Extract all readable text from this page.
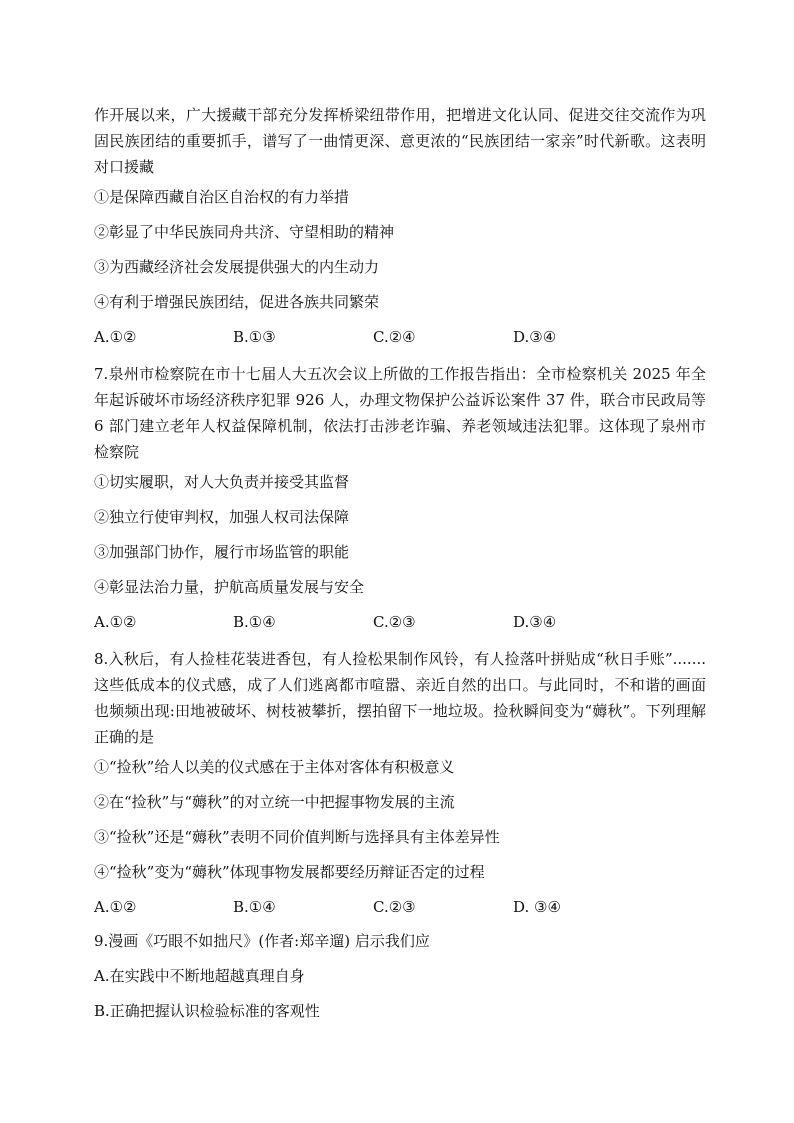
作开展以来，广大援藏干部充分发挥桥梁纽带作用，把增进文化认同、促进交往交流作为巩固民族团结的重要抓手，谱写了一曲情更深、意更浓的“民族团结一家亲”时代新歌。这表明对口援藏

①是保障西藏自治区自治权的有力举措

②彰显了中华民族同舟共济、守望相助的精神

③为西藏经济社会发展提供强大的内生动力

④有利于增强民族团结，促进各族共同繁荣

A.①②	B.①③	C.②④	D.③④

7.泉州市检察院在市十七届人大五次会议上所做的工作报告指出：全市检察机关 2025 年全年起诉破坏市场经济秩序犯罪 926 人，办理文物保护公益诉讼案件 37 件，联合市民政局等 6 部门建立老年人权益保障机制，依法打击涉老诈骗、养老领域违法犯罪。这体现了泉州市检察院

①切实履职，对人大负责并接受其监督

②独立行使审判权，加强人权司法保障

③加强部门协作，履行市场监管的职能

④彰显法治力量，护航高质量发展与安全

A.①②	B.①④	C.②③	D.③④

8.入秋后，有人捡桂花装进香包，有人捡松果制作风铃，有人捡落叶拼贴成“秋日手账”.......这些低成本的仪式感，成了人们逃离都市喧嚣、亲近自然的出口。与此同时，不和谐的画面也频频出现:田地被破坏、树枝被攀折，摆拍留下一地垃圾。捡秋瞬间变为“薅秋”。下列理解正确的是

①“捡秋”给人以美的仪式感在于主体对客体有积极意义

②在“捡秋”与“薅秋”的对立统一中把握事物发展的主流

③“捡秋”还是“薅秋”表明不同价值判断与选择具有主体差异性

④“捡秋”变为“薅秋”体现事物发展都要经历辩证否定的过程

A.①②	B.①④	C.②③	D. ③④

9.漫画《巧眼不如拙尺》(作者:郑辛遛) 启示我们应

A.在实践中不断地超越真理自身

B.正确把握认识检验标准的客观性
